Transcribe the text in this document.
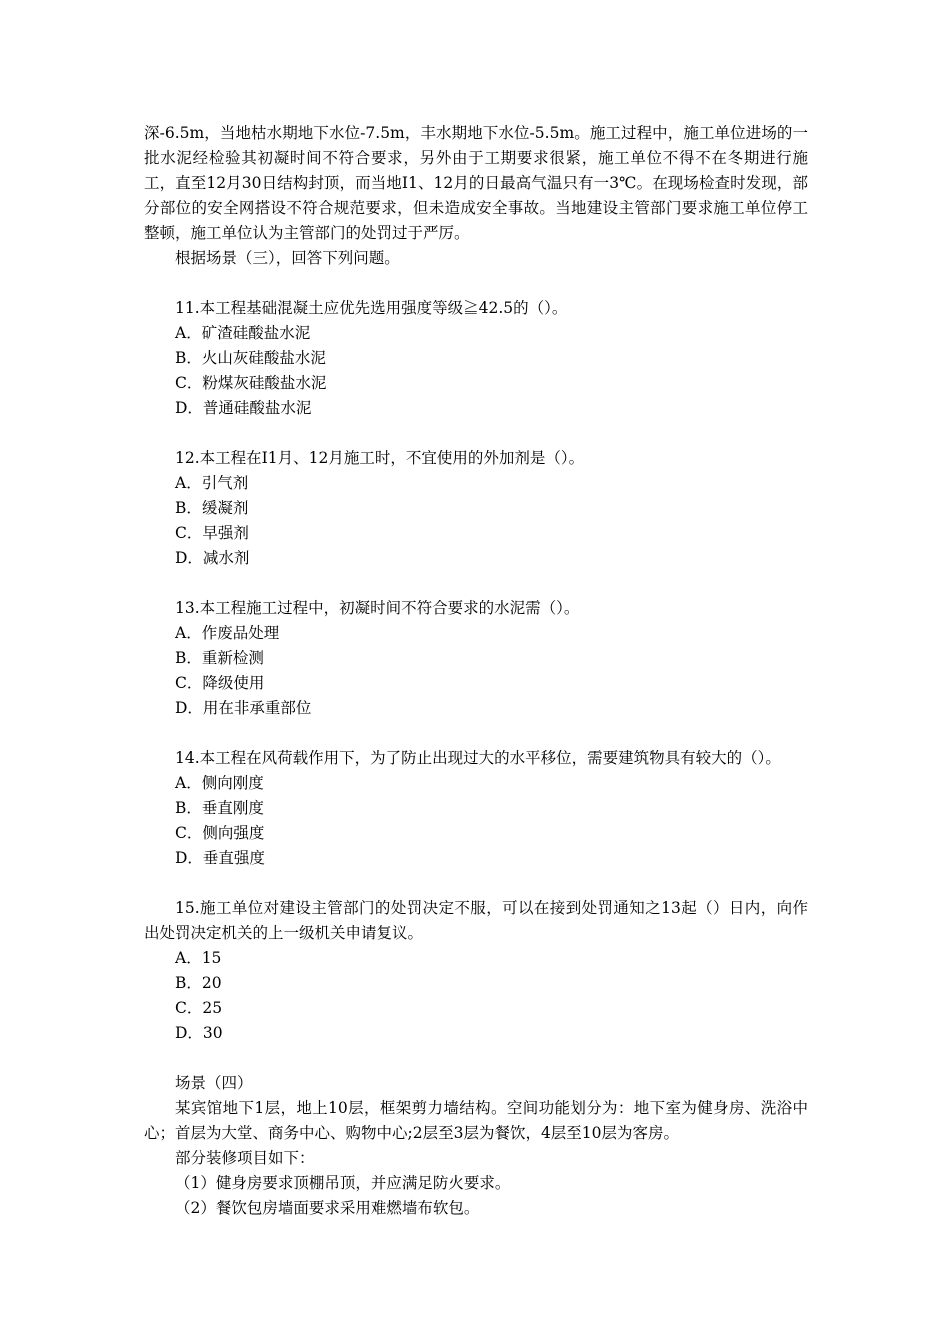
深-6.5m，当地枯水期地下水位-7.5m，丰水期地下水位-5.5m。施工过程中，施工单位进场的一批水泥经检验其初凝时间不符合要求，另外由于工期要求很紧，施工单位不得不在冬期进行施工，直至12月30日结构封顶，而当地I1、12月的日最高气温只有一3℃。在现场检查时发现，部分部位的安全网搭设不符合规范要求，但未造成安全事故。当地建设主管部门要求施工单位停工整顿，施工单位认为主管部门的处罚过于严厉。

根据场景（三），回答下列问题。

11.本工程基础混凝土应优先选用强度等级≧42.5的（）。

A．矿渣硅酸盐水泥

B．火山灰硅酸盐水泥

C．粉煤灰硅酸盐水泥

D．普通硅酸盐水泥

12.本工程在I1月、12月施工时，不宜使用的外加剂是（）。

A．引气剂

B．缓凝剂

C．早强剂

D．减水剂

13.本工程施工过程中，初凝时间不符合要求的水泥需（）。

A．作废品处理

B．重新检测

C．降级使用

D．用在非承重部位

14.本工程在风荷载作用下，为了防止出现过大的水平移位，需要建筑物具有较大的（）。

A．侧向刚度

B．垂直刚度

C．侧向强度

D．垂直强度

15.施工单位对建设主管部门的处罚决定不服，可以在接到处罚通知之13起（）日内，向作出处罚决定机关的上一级机关申请复议。

A．15

B．20

C．25

D．30

场景（四）

某宾馆地下1层，地上10层，框架剪力墙结构。空间功能划分为：地下室为健身房、洗浴中心；首层为大堂、商务中心、购物中心;2层至3层为餐饮，4层至10层为客房。

部分装修项目如下：

（1）健身房要求顶棚吊顶，并应满足防火要求。

（2）餐饮包房墙面要求采用难燃墙布软包。
